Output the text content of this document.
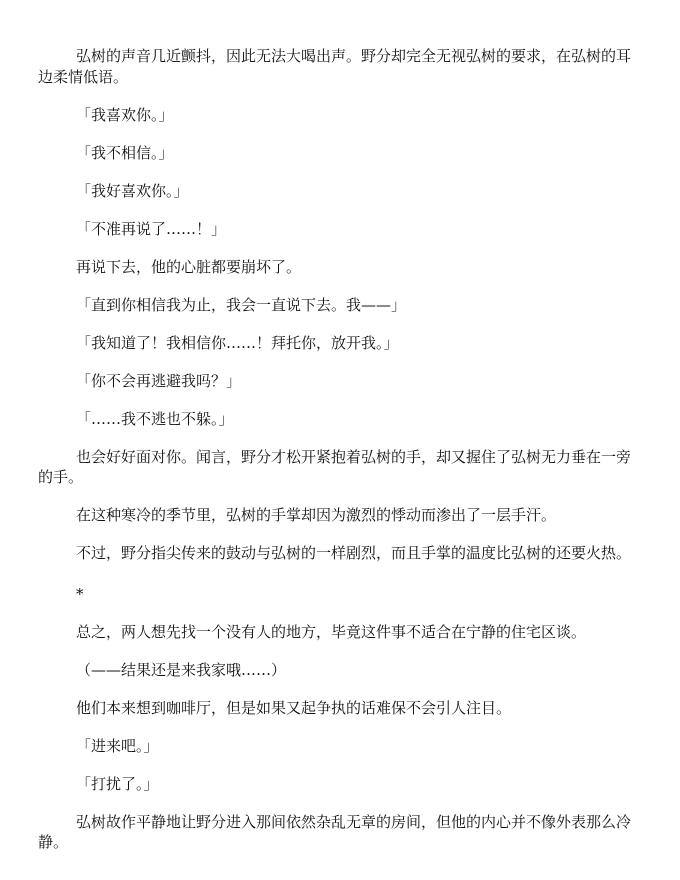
弘树的声音几近颤抖，因此无法大喝出声。野分却完全无视弘树的要求，在弘树的耳边柔情低语。

「我喜欢你。」

「我不相信。」

「我好喜欢你。」

「不准再说了……！」

再说下去，他的心脏都要崩坏了。

「直到你相信我为止，我会一直说下去。我——」

「我知道了！我相信你……！拜托你，放开我。」

「你不会再逃避我吗？」

「……我不逃也不躲。」

也会好好面对你。闻言，野分才松开紧抱着弘树的手，却又握住了弘树无力垂在一旁的手。

在这种寒冷的季节里，弘树的手掌却因为激烈的悸动而渗出了一层手汗。

不过，野分指尖传来的鼓动与弘树的一样剧烈，而且手掌的温度比弘树的还要火热。

*

总之，两人想先找一个没有人的地方，毕竟这件事不适合在宁静的住宅区谈。

（——结果还是来我家哦……）

他们本来想到咖啡厅，但是如果又起争执的话难保不会引人注目。

「进来吧。」

「打扰了。」

弘树故作平静地让野分进入那间依然杂乱无章的房间，但他的内心并不像外表那么冷静。
